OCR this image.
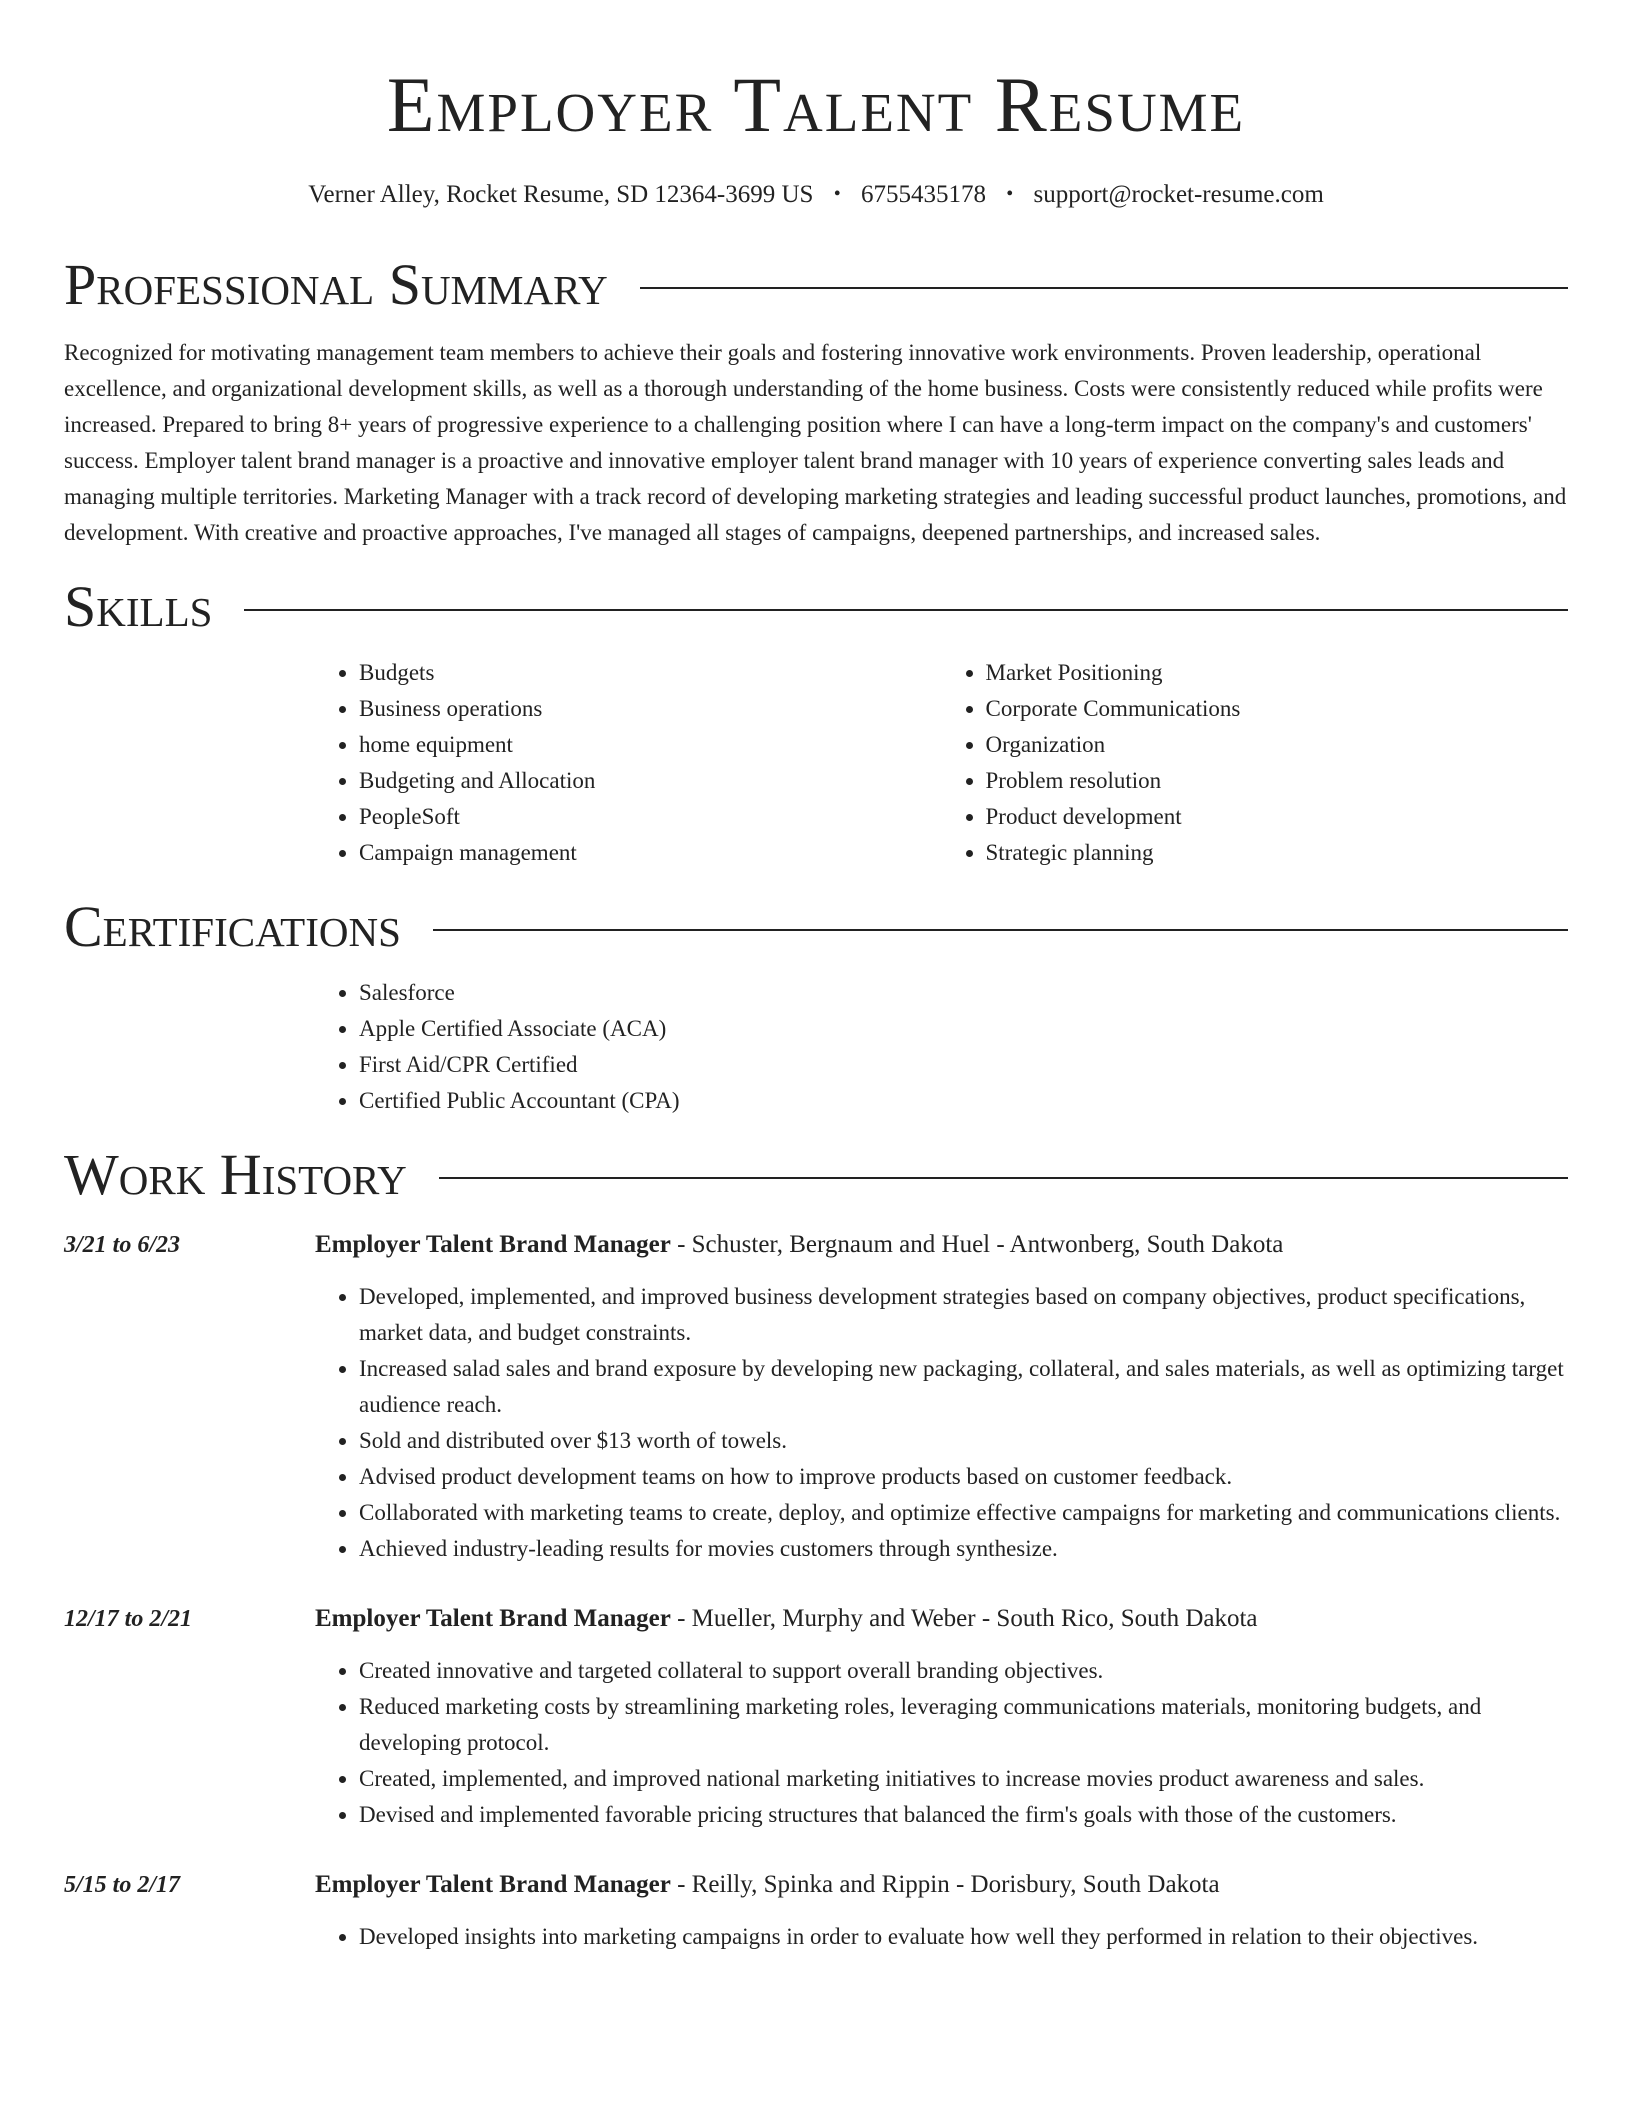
Employer Talent Resume
Verner Alley, Rocket Resume, SD 12364-3699 US • 6755435178 • support@rocket-resume.com
Professional Summary

Recognized for motivating management team members to achieve their goals and fostering innovative work environments. Proven leadership, operational excellence, and organizational development skills, as well as a thorough understanding of the home business. Costs were consistently reduced while profits were increased. Prepared to bring 8+ years of progressive experience to a challenging position where I can have a long-term impact on the company's and customers' success. Employer talent brand manager is a proactive and innovative employer talent brand manager with 10 years of experience converting sales leads and managing multiple territories. Marketing Manager with a track record of developing marketing strategies and leading successful product launches, promotions, and development. With creative and proactive approaches, I've managed all stages of campaigns, deepened partnerships, and increased sales.

Skills
• Budgets
• Business operations
• home equipment
• Budgeting and Allocation
• PeopleSoft
• Campaign management
• Market Positioning
• Corporate Communications
• Organization
• Problem resolution
• Product development
• Strategic planning
Certifications
• Salesforce
• Apple Certified Associate (ACA)
• First Aid/CPR Certified
• Certified Public Accountant (CPA)
Work History
3/21 to 6/23	Employer Talent Brand Manager - Schuster, Bergnaum and Huel - Antwonberg, South Dakota
• Developed, implemented, and improved business development strategies based on company objectives, product specifications, market data, and budget constraints.
• Increased salad sales and brand exposure by developing new packaging, collateral, and sales materials, as well as optimizing target audience reach.
• Sold and distributed over $13 worth of towels.
• Advised product development teams on how to improve products based on customer feedback.
• Collaborated with marketing teams to create, deploy, and optimize effective campaigns for marketing and communications clients.
• Achieved industry-leading results for movies customers through synthesize.
12/17 to 2/21	Employer Talent Brand Manager - Mueller, Murphy and Weber - South Rico, South Dakota
• Created innovative and targeted collateral to support overall branding objectives.
• Reduced marketing costs by streamlining marketing roles, leveraging communications materials, monitoring budgets, and developing protocol.
• Created, implemented, and improved national marketing initiatives to increase movies product awareness and sales.
• Devised and implemented favorable pricing structures that balanced the firm's goals with those of the customers.
5/15 to 2/17	Employer Talent Brand Manager - Reilly, Spinka and Rippin - Dorisbury, South Dakota
• Developed insights into marketing campaigns in order to evaluate how well they performed in relation to their objectives.
